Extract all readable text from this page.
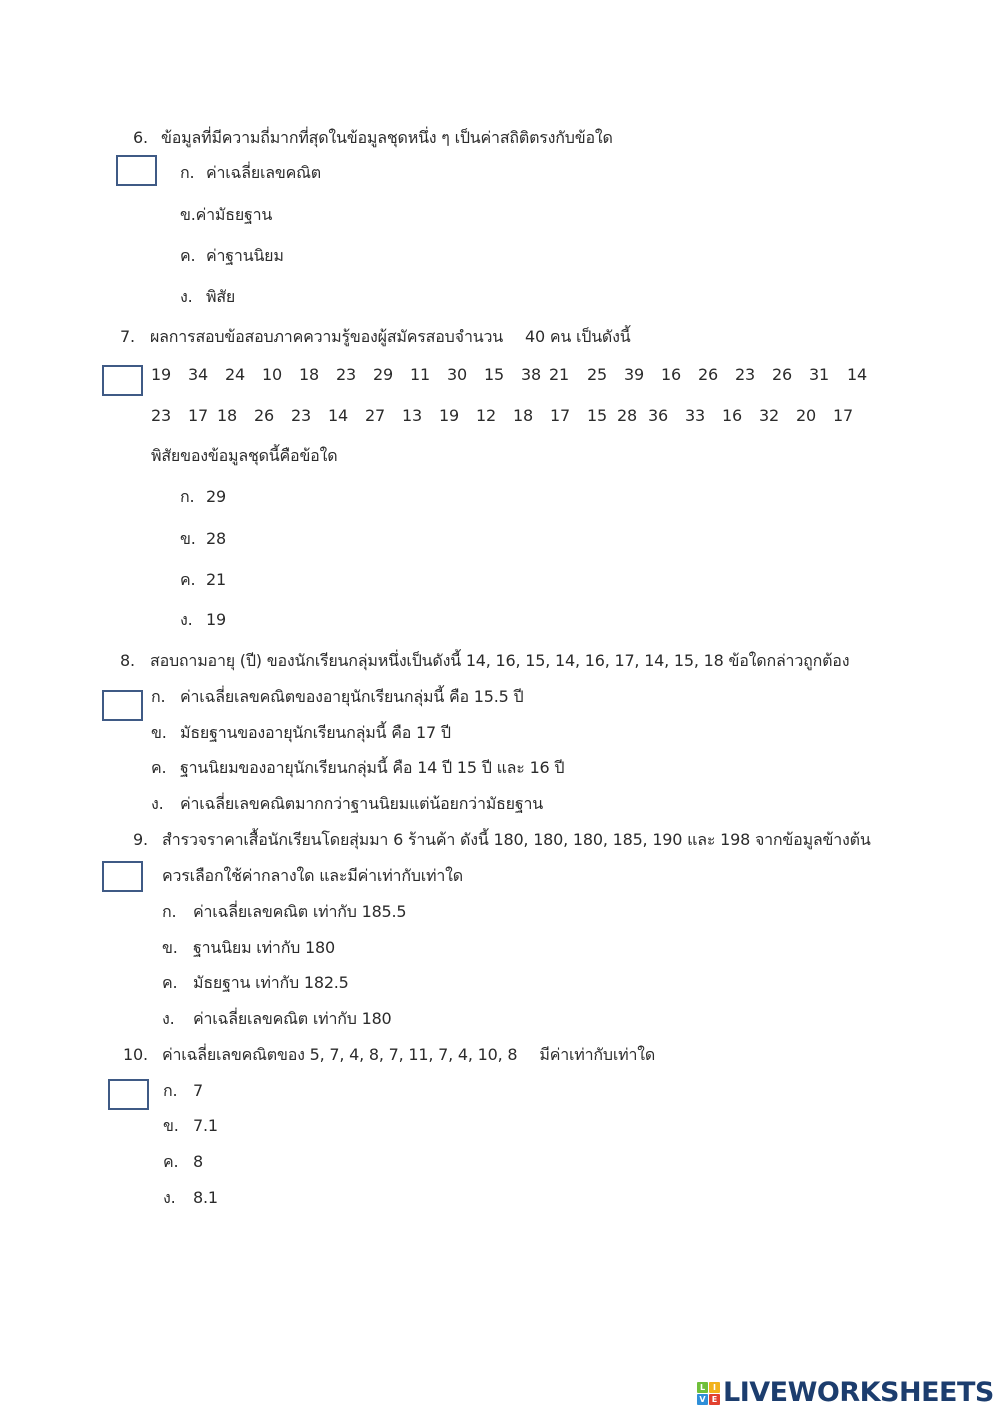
6. ข้อมูลที่มีความถี่มากที่สุดในข้อมูลชุดหนึ่ง ๆ เป็นค่าสถิติตรงกับข้อใด
ก. ค่าเฉลี่ยเลขคณิต
ข.ค่ามัธยฐาน
ค. ค่าฐานนิยม
ง. พิสัย
7. ผลการสอบข้อสอบภาคความรู้ของผู้สมัครสอบจำนวน 40 คน เป็นดังนี้
19 34 24 10 18 23 29 11 30 15 38 21 25 39 16 26 23 26 31 14
23 17 18 26 23 14 27 13 19 12 18 17 15 28 36 33 16 32 20 17
พิสัยของข้อมูลชุดนี้คือข้อใด
ก. 29
ข. 28
ค. 21
ง. 19
8. สอบถามอายุ (ปี) ของนักเรียนกลุ่มหนึ่งเป็นดังนี้ 14, 16, 15, 14, 16, 17, 14, 15, 18 ข้อใดกล่าวถูกต้อง
ก. ค่าเฉลี่ยเลขคณิตของอายุนักเรียนกลุ่มนี้ คือ 15.5 ปี
ข. มัธยฐานของอายุนักเรียนกลุ่มนี้ คือ 17 ปี
ค. ฐานนิยมของอายุนักเรียนกลุ่มนี้ คือ 14 ปี 15 ปี และ 16 ปี
ง. ค่าเฉลี่ยเลขคณิตมากกว่าฐานนิยมแต่น้อยกว่ามัธยฐาน
9. สำรวจราคาเสื้อนักเรียนโดยสุ่มมา 6 ร้านค้า ดังนี้ 180, 180, 180, 185, 190 และ 198 จากข้อมูลข้างต้น
ควรเลือกใช้ค่ากลางใด และมีค่าเท่ากับเท่าใด
ก. ค่าเฉลี่ยเลขคณิต เท่ากับ 185.5
ข. ฐานนิยม เท่ากับ 180
ค. มัธยฐาน เท่ากับ 182.5
ง. ค่าเฉลี่ยเลขคณิต เท่ากับ 180
10. ค่าเฉลี่ยเลขคณิตของ 5, 7, 4, 8, 7, 11, 7, 4, 10, 8 มีค่าเท่ากับเท่าใด
ก. 7
ข. 7.1
ค. 8
ง. 8.1
L I
V E LIVEWORKSHEETS
